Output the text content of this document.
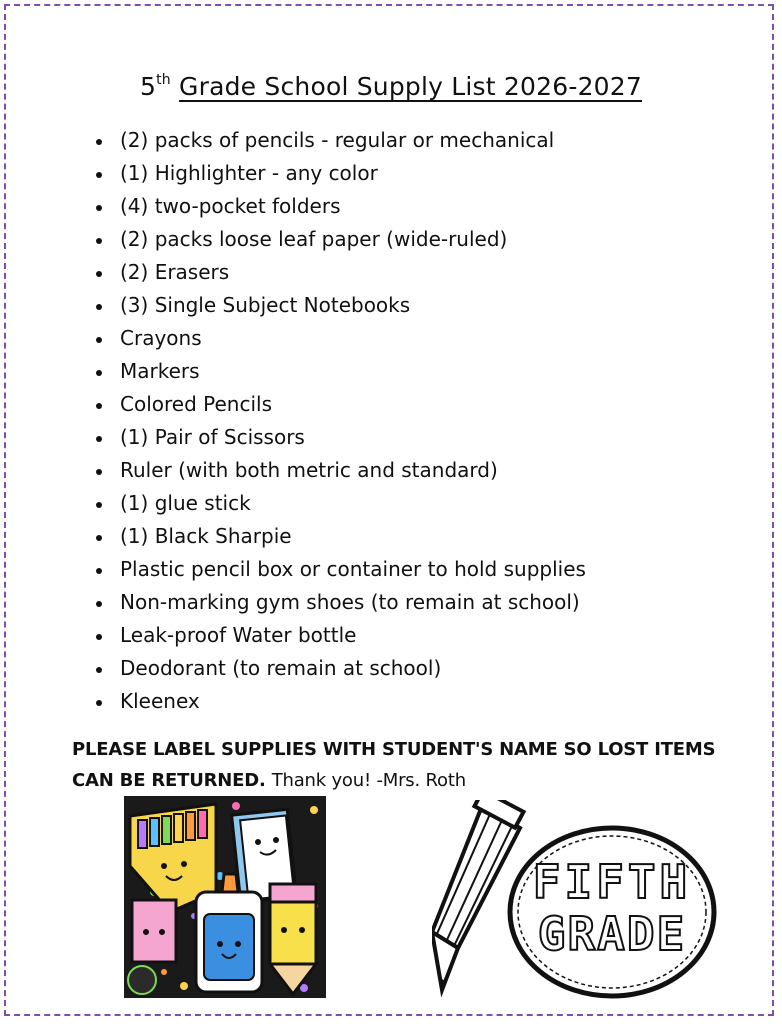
5th Grade School Supply List 2026-2027
(2) packs of pencils - regular or mechanical
(1) Highlighter - any color
(4) two-pocket folders
(2) packs loose leaf paper (wide-ruled)
(2) Erasers
(3) Single Subject Notebooks
Crayons
Markers
Colored Pencils
(1) Pair of Scissors
Ruler (with both metric and standard)
(1) glue stick
(1) Black Sharpie
Plastic pencil box or container to hold supplies
Non-marking gym shoes (to remain at school)
Leak-proof Water bottle
Deodorant (to remain at school)
Kleenex
PLEASE LABEL SUPPLIES WITH STUDENT'S NAME SO LOST ITEMS
CAN BE RETURNED. Thank you! -Mrs. Roth
FIFTH
GRADE
